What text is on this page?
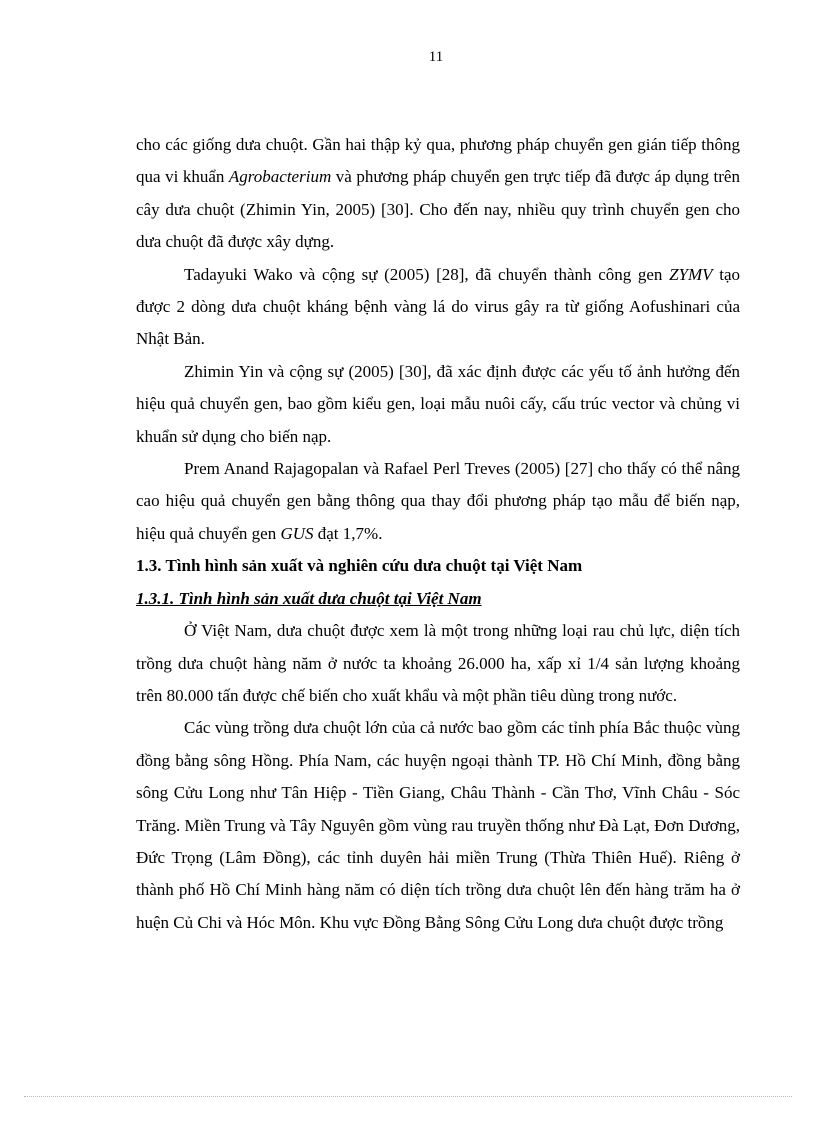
11

cho các giống dưa chuột. Gần hai thập kỷ qua, phương pháp chuyển gen gián tiếp thông qua vi khuẩn Agrobacterium và phương pháp chuyển gen trực tiếp đã được áp dụng trên cây dưa chuột (Zhimin Yin, 2005) [30]. Cho đến nay, nhiều quy trình chuyển gen cho dưa chuột đã được xây dựng.

Tadayuki Wako và cộng sự (2005) [28], đã chuyển thành công gen ZYMV tạo được 2 dòng dưa chuột kháng bệnh vàng lá do virus gây ra từ giống Aofushinari của Nhật Bản.

Zhimin Yin và cộng sự (2005) [30], đã xác định được các yếu tố ảnh hưởng đến hiệu quả chuyển gen, bao gồm kiểu gen, loại mẫu nuôi cấy, cấu trúc vector và chủng vi khuẩn sử dụng cho biến nạp.

Prem Anand Rajagopalan và Rafael Perl Treves (2005) [27] cho thấy có thể nâng cao hiệu quả chuyển gen bằng thông qua thay đổi phương pháp tạo mẫu để biến nạp, hiệu quả chuyển gen GUS đạt 1,7%.

1.3. Tình hình sản xuất và nghiên cứu dưa chuột tại Việt Nam

1.3.1. Tình hình sản xuất dưa chuột tại Việt Nam

Ở Việt Nam, dưa chuột được xem là một trong những loại rau chủ lực, diện tích trồng dưa chuột hàng năm ở nước ta khoảng 26.000 ha, xấp xỉ 1/4 sản lượng khoảng trên 80.000 tấn được chế biến cho xuất khẩu và một phần tiêu dùng trong nước.

Các vùng trồng dưa chuột lớn của cả nước bao gồm các tỉnh phía Bắc thuộc vùng đồng bằng sông Hồng. Phía Nam, các huyện ngoại thành TP. Hồ Chí Minh, đồng bằng sông Cửu Long như Tân Hiệp - Tiền Giang, Châu Thành - Cần Thơ, Vĩnh Châu - Sóc Trăng. Miền Trung và Tây Nguyên gồm vùng rau truyền thống như Đà Lạt, Đơn Dương, Đức Trọng (Lâm Đồng), các tỉnh duyên hải miền Trung (Thừa Thiên Huế). Riêng ở thành phố Hồ Chí Minh hàng năm có diện tích trồng dưa chuột lên đến hàng trăm ha ở huện Củ Chi và Hóc Môn. Khu vực Đồng Bằng Sông Cửu Long dưa chuột được trồng
